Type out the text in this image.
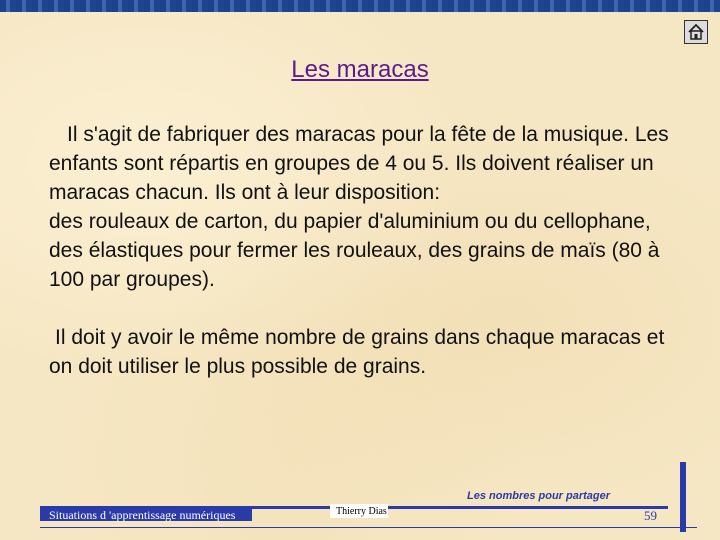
Les maracas

Il s'agit de fabriquer des maracas pour la fête de la musique. Les enfants sont répartis en groupes de 4 ou 5. Ils doivent réaliser un maracas chacun. Ils ont à leur disposition:

des rouleaux de carton, du papier d'aluminium ou du cellophane, des élastiques pour fermer les rouleaux, des grains de maïs (80 à 100 par groupes).

Il doit y avoir le même nombre de grains dans chaque maracas et on doit utiliser le plus possible de grains.

Situations d 'apprentissage numériques	Thierry Dias
Les nombres pour partager
59
